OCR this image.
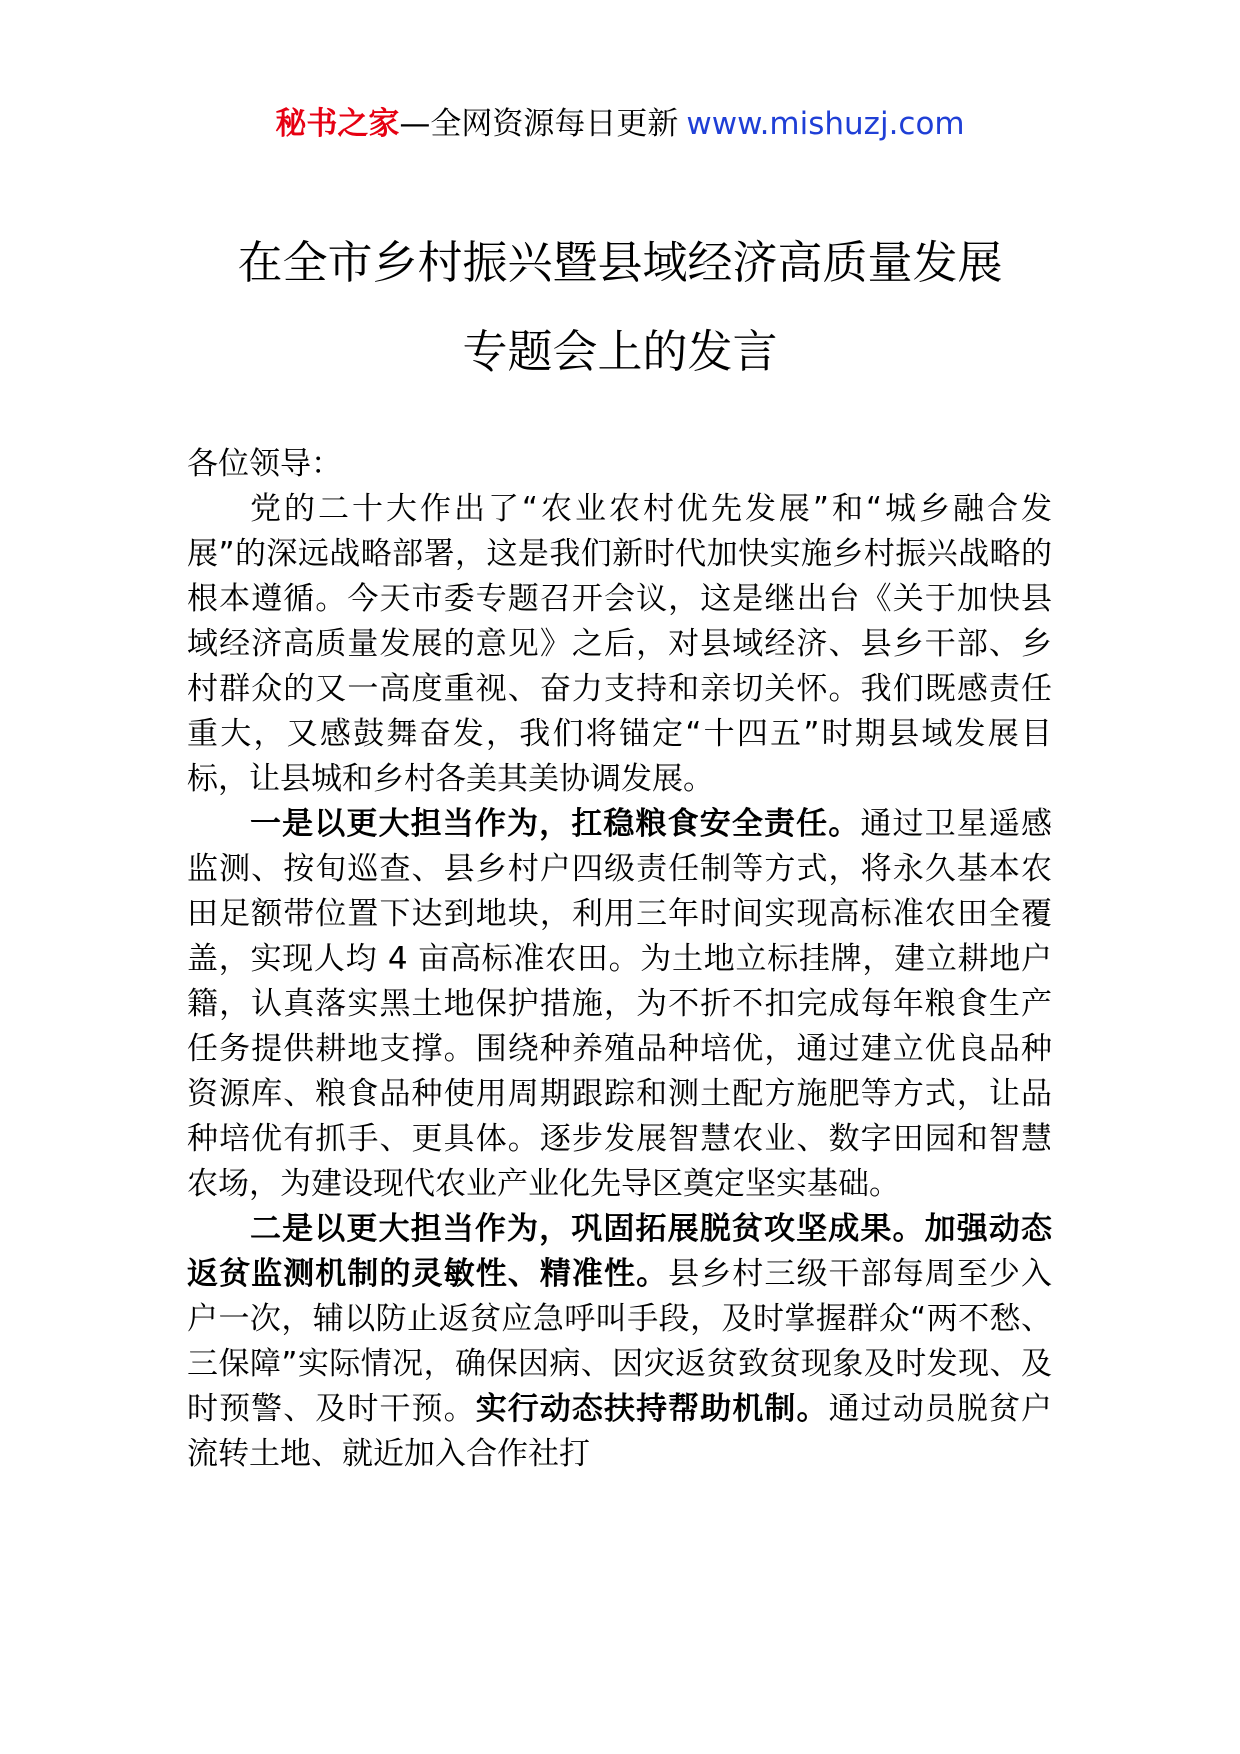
秘书之家—全网资源每日更新 www.mishuzj.com
在全市乡村振兴暨县域经济高质量发展
专题会上的发言

各位领导：

党的二十大作出了“农业农村优先发展”和“城乡融合发展”的深远战略部署，这是我们新时代加快实施乡村振兴战略的根本遵循。今天市委专题召开会议，这是继出台《关于加快县域经济高质量发展的意见》之后，对县域经济、县乡干部、乡村群众的又一高度重视、奋力支持和亲切关怀。我们既感责任重大，又感鼓舞奋发，我们将锚定“十四五”时期县域发展目标，让县城和乡村各美其美协调发展。

一是以更大担当作为，扛稳粮食安全责任。通过卫星遥感监测、按旬巡查、县乡村户四级责任制等方式，将永久基本农田足额带位置下达到地块，利用三年时间实现高标准农田全覆盖，实现人均 4 亩高标准农田。为土地立标挂牌，建立耕地户籍，认真落实黑土地保护措施，为不折不扣完成每年粮食生产任务提供耕地支撑。围绕种养殖品种培优，通过建立优良品种资源库、粮食品种使用周期跟踪和测土配方施肥等方式，让品种培优有抓手、更具体。逐步发展智慧农业、数字田园和智慧农场，为建设现代农业产业化先导区奠定坚实基础。

二是以更大担当作为，巩固拓展脱贫攻坚成果。加强动态返贫监测机制的灵敏性、精准性。县乡村三级干部每周至少入户一次，辅以防止返贫应急呼叫手段，及时掌握群众“两不愁、三保障”实际情况，确保因病、因灾返贫致贫现象及时发现、及时预警、及时干预。实行动态扶持帮助机制。通过动员脱贫户流转土地、就近加入合作社打
